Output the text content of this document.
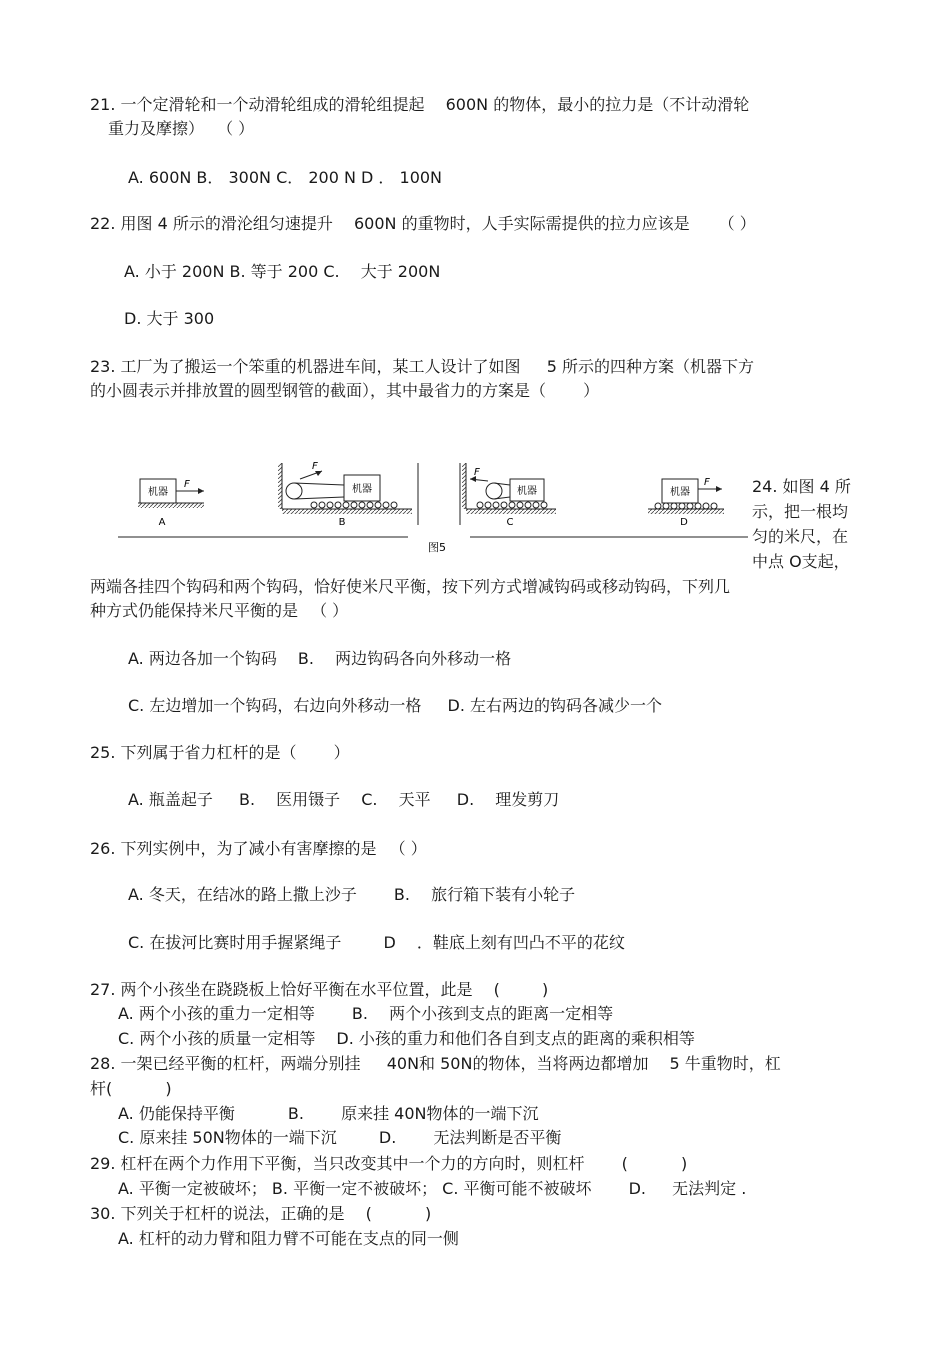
21. 一个定滑轮和一个动滑轮组成的滑轮组提起 　600N 的物体，最小的拉力是（不计动滑轮
重力及摩擦） 　（ ）
A. 600N B． 300N C． 200 N D ． 100N
22. 用图 4 所示的滑沦组匀速提升 　600N 的重物时，人手实际需提供的拉力应该是 　　（ ）
A. 小于 200N B. 等于 200 C. 　大于 200N
D. 大于 300
23. 工厂为了搬运一个笨重的机器进车间，某工人设计了如图 　 5 所示的四种方案（机器下方
的小圆表示并排放置的圆型钢管的截面），其中最省力的方案是（ 　　）
机器
F
A
F
机器
B
F
机器
C
机器
F
D
图5
24. 如图 4 所
示，把一根均
匀的米尺，在
中点 O支起，
两端各挂四个钩码和两个钩码，恰好使米尺平衡，按下列方式增减钩码或移动钩码，下列几
种方式仍能保持米尺平衡的是 　（ ）
A. 两边各加一个钩码 　B. 　两边钩码各向外移动一格
C. 左边增加一个钩码，右边向外移动一格 　 D. 左右两边的钩码各减少一个
25. 下列属于省力杠杆的是（ 　　）
A. 瓶盖起子 　 B. 　医用镊子 　C. 　天平 　 D. 　理发剪刀
26. 下列实例中，为了减小有害摩擦的是 　（ ）
A. 冬天，在结冰的路上撒上沙子 　　B. 　旅行箱下装有小轮子
C. 在拔河比赛时用手握紧绳子 　　 D 　．鞋底上刻有凹凸不平的花纹
27. 两个小孩坐在跷跷板上恰好平衡在水平位置，此是 　( 　　 )
A. 两个小孩的重力一定相等 　　B. 　两个小孩到支点的距离一定相等
C. 两个小孩的质量一定相等 　D. 小孩的重力和他们各自到支点的距离的乘积相等
28. 一架已经平衡的杠杆，两端分别挂 　 40N和 50N的物体，当将两边都增加 　5 牛重物时，杠
杆( 　　　)
A. 仍能保持平衡 　　　B. 　　原来挂 40N物体的一端下沉
C. 原来挂 50N物体的一端下沉 　　 D. 　　无法判断是否平衡
29. 杠杆在两个力作用下平衡，当只改变其中一个力的方向时，则杠杆 　　(　　　 )
A. 平衡一定被破坏； B. 平衡一定不被破坏； C. 平衡可能不被破坏 　　D. 　 无法判定 .
30. 下列关于杠杆的说法，正确的是 　( 　　　)
A. 杠杆的动力臂和阻力臂不可能在支点的同一侧
